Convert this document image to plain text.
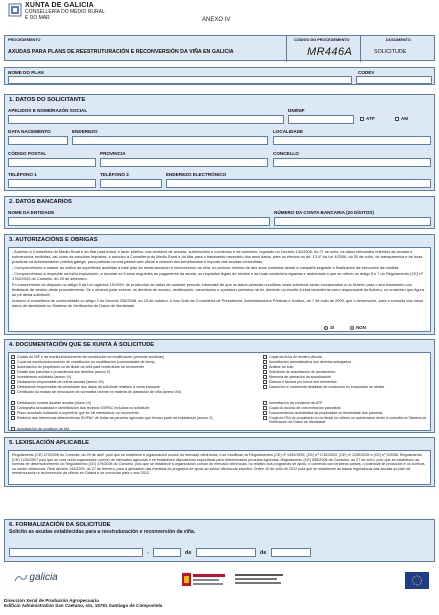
XUNTA DE GALICIA
CONSELLERÍA DO MEDIO RURAL
E DO MAR	ANEXO IV
PROCEDEMENTO
AXUDAS PARA PLANS DE REESTRUTURACIÓN E RECONVERSIÓN DA VIÑA EN GALICIA
CÓDIGO DO PROCEDEMENTO
MR446A
DOCUMENTO
SOLICITUDE
NOME DO PLAN	CODEV
1. DATOS DO SOLICITANTE
APELIDOS E NOME/RAZÓN SOCIAL	DNI/NIF
ATP	AM
DATA NACEMENTO	ENDEREZO	LOCALIDADE
CÓDIGO POSTAL	PROVINCIA	CONCELLO
TELÉFONO 1	TELÉFONO 2	ENDEREZO ELECTRÓNICO
2. DATOS BANCARIOS
NOME DA ENTIDADE	NÚMERO DA CONTA BANCARIA (20 DÍXITOS)
3. AUTORIZACIÓNS E OBRIGAS

- Autorizo á Consellería do Medio Rural e do Mar para incluír e facer público, nos rexistros de axudas, subvencións e convenios e de sancións, regulado no Decreto 132/2006, do 27 de xullo, os datos relevantes referidos ás axudas e subvencións recibidas, así como ás sancións impostas, e autorizo á Consellería do Medio Rural e do Mar para o tratamento necesario dos seus datos, para os efectos do art. 13.4º da Lei 4/2006, do 30 de xuño, de transparencia e de boas prácticas na Administración pública galega, para publicar na súa páxina web oficial a relación dos beneficiarios e importe das axudas concedidas.

- Comprométome a manter as cultivo as superficies acollidas a este plan de reestruturación e reconversión da viña, un período mínimo de dez anos contados desde a campaña seguinte á finalización da execución da medida.

- Comprométome a respectar na miña explotación, a durante os 5 anos seguintes ao pagamento da axuda, os requisitos legais de xestión e as boas condicións agrarias e ambientais a que se refiren os artigo 5 e 7 do Regulamento (CE) nº 1782/2003 do Consello, do 29 de setembro.

En cumprimento do disposto no artigo 5 da Lei orgánica 15/1999, de protección de datos de carácter persoal, infórmase de que os datos persoais recollidos nesta solicitude serán incorporados a un ficheiro para o seu tratamento con finalidade de xestión deste procedemento. Se o desexa pode exercer os dereitos de acceso, rectificación, cancelación e oposición previstos na lei, dirixindo un escrito á esta consellería como responsable do ficheiro, no enderezo que figura ao pé desta solicitude.

Autorizo a consellería de conformidade co artigo 2 do Decreto 255/2008, do 23 de outubro, e coa Orde da Consellería de Presidencia, Administracións Públicas e Xustiza, do 7 de xullo de 2009, que o desenvolve, para a consulta dos meus datos de identidade no Sistema de Verificación de Datos de Identidade.

SI	NON
4. DOCUMENTACIÓN QUE SE XUNTA Á SOLICITUDE
Copias do NIF e da escritura/documento de constitución ou modificación (persoas xurídicas)
Copia da escritura/documento de constitución ou modificación (comunidades de bens).
Autorización do propietario ou do titular da viña para reestruturar ou reconverter
Detalle das parcelas e procedencia dos dereitos (anexo V)
Investimento solicitado (anexo VI)
Declaración responsable de outras axudas (anexo VII)
Declaración responsable da veracidade dos datos da solicitude relativos á conta bancaria
Certificado do estado de renovación de normativa vixente en materia de plantación de viña (anexo VIII)
Declaración xurada doutras axudas (anexo IX)
Cartografía actualizada e identificación dos recintos SIXPAC incluídos no solicitude
Plano acoutado indicando a superficie que se vai reestruturar ou reconverter.
Relación das referencias alfanuméricas SIXPAC de todas as parcelas agrícolas que forman parte da explotación (anexo X)
Acreditación da condición de AM
Copia da ficha do rexistro vitícola
Acreditación administrativa dos dereitos adxegados
Análise do solo
Solicitude de autorización de arrotamento
Memoria de operación da socialización
Edesos e factura pro forma dos elementos
Descrición e orzamento detallado de condución en emparrado ou similar
Acreditación da condición de ATP
Copia do acordo de concentración parcelaria
Documentación acreditativa da propiedade ou titularidade das parcelas
Copia do DNI do propietario ou do titular do viñedo ou autorización deste á consulta no Sistema de Verificación de Datos de Identidade
5. LEXISLACIÓN APLICABLE

Regulamento (CE) 479/2008 do Consello, do 29 de abril, polo que se establece a organización común do mercado vitivinícola, e se modifican os Regulamentos (CE) nº 1493/1999, (CE) nº 1782/2003, (CE) nº 1290/2005 e (CE) nº 3/2008. Regulamento (CE) 1234/2007 polo que se crea unha organización común de mercados agrícolas e se establecen disposicións específicas para determinados produtos agrícolas. Regulamento (CE) 555/2008 da Comisión, do 27 de xuño, polo que se establecen as normas de desenvolvemento do Regulamento (CE) 479/2008 do Consello, polo que se establece a organización común do mercado vitivinícola, no relativo aos programas de apoio, o comercio con terceiros países, o potencial de produción e os controis no sector vitivinícola. Real decreto 244/2009, do 27 de febreiro, para a aplicación das medidas do programa de apoio ao sector vitivinícola español. Orden 15 de xullo de 2012 pola que se establecen as bases reguladoras das axudas ao plan de reestruturación e reconversión da viñedo en Galicia e se convocan para o ano 2012.

6. FORMALIZACIÓN DA SOLICITUDE
Solicito as axudas establecidas para a reestruturación e reconversión da viña.
,	de	de
galicia
Dirección Xeral de Produción Agropecuaria
Edificio Administrativo San Caetano, s/n, 15781 Santiago de Compostela
